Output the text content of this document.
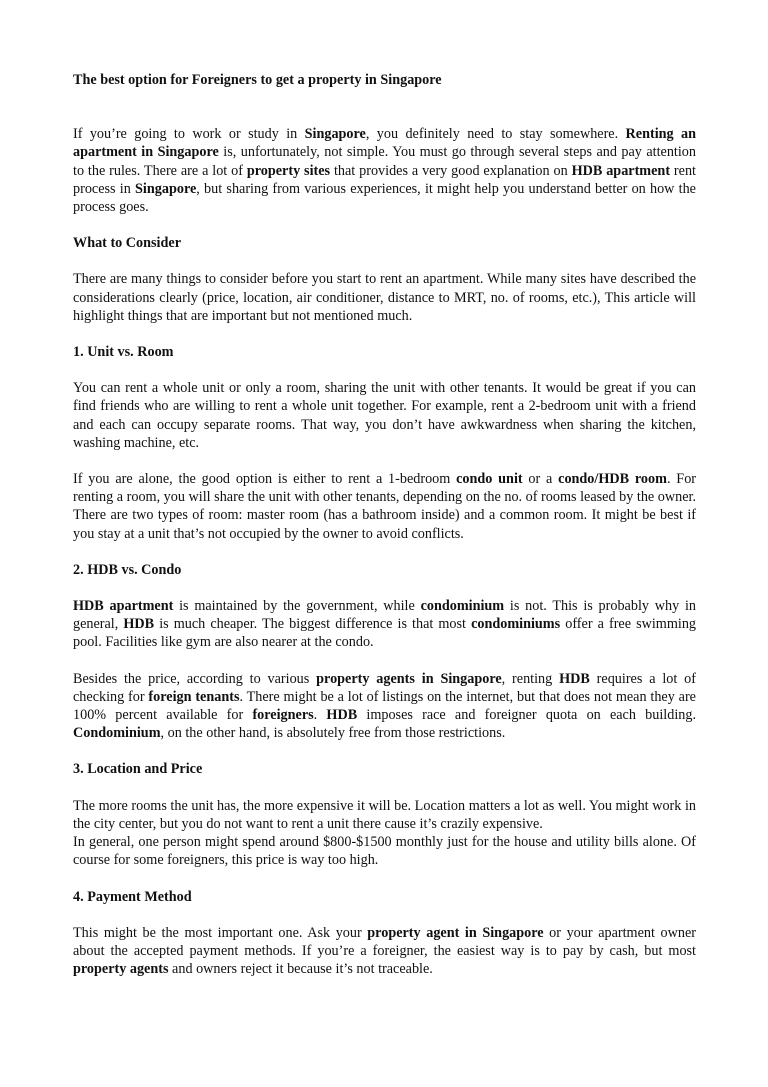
The best option for Foreigners to get a property in Singapore

If you’re going to work or study in Singapore, you definitely need to stay somewhere. Renting an apartment in Singapore is, unfortunately, not simple. You must go through several steps and pay attention to the rules. There are a lot of property sites that provides a very good explanation on HDB apartment rent process in Singapore, but sharing from various experiences, it might help you understand better on how the process goes.

What to Consider

There are many things to consider before you start to rent an apartment. While many sites have described the considerations clearly (price, location, air conditioner, distance to MRT, no. of rooms, etc.), This article will highlight things that are important but not mentioned much.

1. Unit vs. Room

You can rent a whole unit or only a room, sharing the unit with other tenants. It would be great if you can find friends who are willing to rent a whole unit together. For example, rent a 2-bedroom unit with a friend and each can occupy separate rooms. That way, you don’t have awkwardness when sharing the kitchen, washing machine, etc.

If you are alone, the good option is either to rent a 1-bedroom condo unit or a condo/HDB room. For renting a room, you will share the unit with other tenants, depending on the no. of rooms leased by the owner. There are two types of room: master room (has a bathroom inside) and a common room. It might be best if you stay at a unit that’s not occupied by the owner to avoid conflicts.

2. HDB vs. Condo

HDB apartment is maintained by the government, while condominium is not. This is probably why in general, HDB is much cheaper. The biggest difference is that most condominiums offer a free swimming pool. Facilities like gym are also nearer at the condo.

Besides the price, according to various property agents in Singapore, renting HDB requires a lot of checking for foreign tenants. There might be a lot of listings on the internet, but that does not mean they are 100% percent available for foreigners. HDB imposes race and foreigner quota on each building. Condominium, on the other hand, is absolutely free from those restrictions.

3. Location and Price

The more rooms the unit has, the more expensive it will be. Location matters a lot as well. You might work in the city center, but you do not want to rent a unit there cause it’s crazily expensive.

In general, one person might spend around $800-$1500 monthly just for the house and utility bills alone. Of course for some foreigners, this price is way too high.

4. Payment Method

This might be the most important one. Ask your property agent in Singapore or your apartment owner about the accepted payment methods. If you’re a foreigner, the easiest way is to pay by cash, but most property agents and owners reject it because it’s not traceable.
